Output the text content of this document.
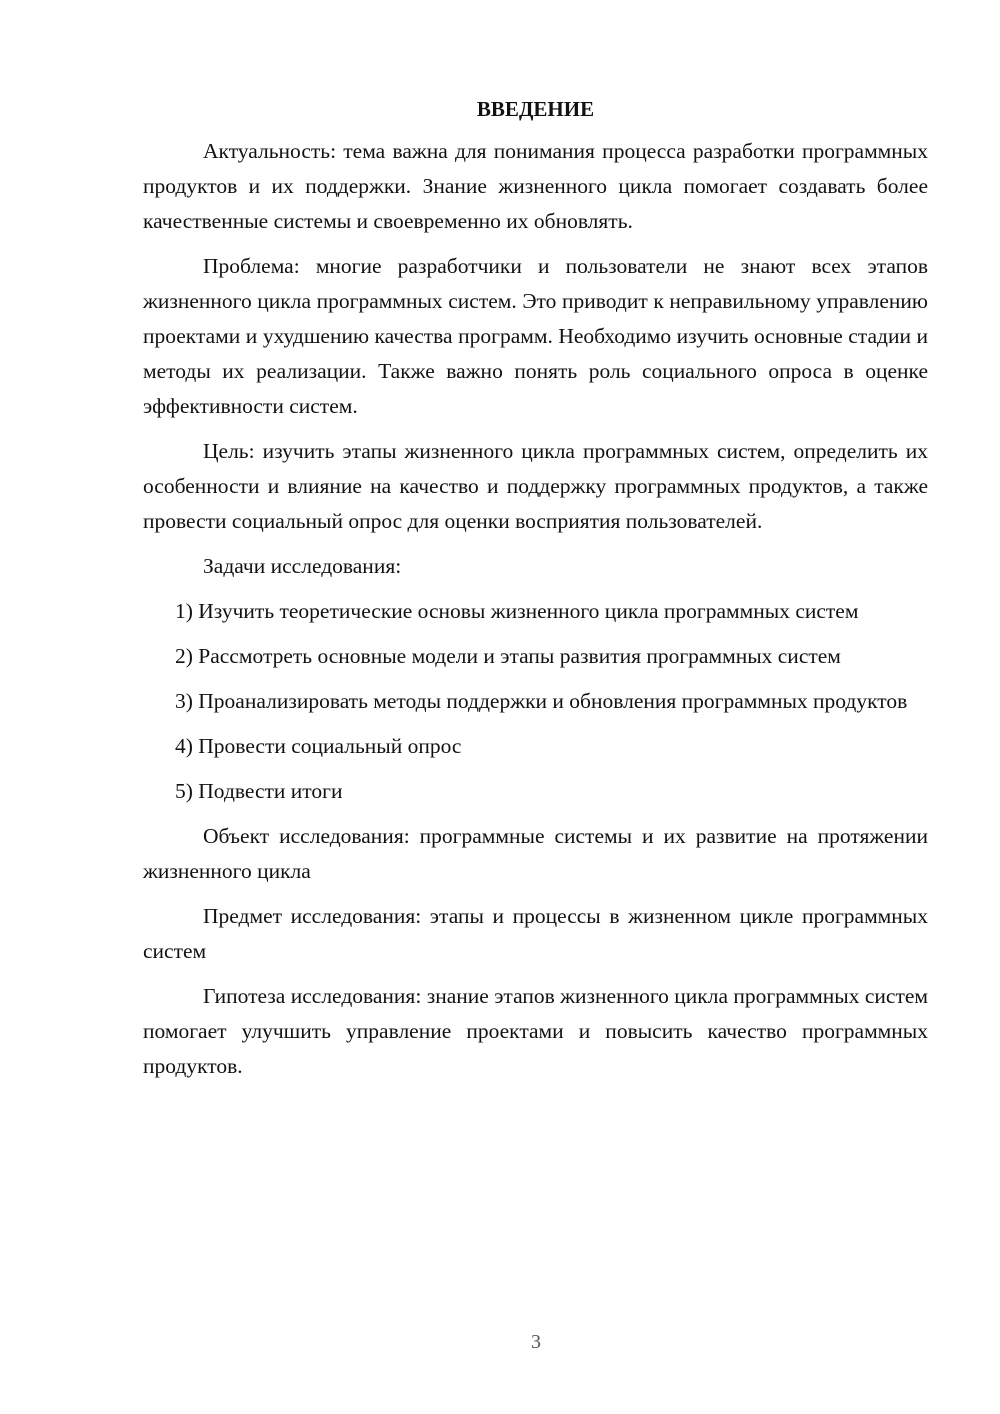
ВВЕДЕНИЕ

Актуальность: тема важна для понимания процесса разработки программных продуктов и их поддержки. Знание жизненного цикла помогает создавать более качественные системы и своевременно их обновлять.

Проблема: многие разработчики и пользователи не знают всех этапов жизненного цикла программных систем. Это приводит к неправильному управлению проектами и ухудшению качества программ. Необходимо изучить основные стадии и методы их реализации. Также важно понять роль социального опроса в оценке эффективности систем.

Цель: изучить этапы жизненного цикла программных систем, определить их особенности и влияние на качество и поддержку программных продуктов, а также провести социальный опрос для оценки восприятия пользователей.

Задачи исследования:

1) Изучить теоретические основы жизненного цикла программных систем

2) Рассмотреть основные модели и этапы развития программных систем

3) Проанализировать методы поддержки и обновления программных продуктов

4) Провести социальный опрос

5) Подвести итоги

Объект исследования: программные системы и их развитие на протяжении жизненного цикла

Предмет исследования: этапы и процессы в жизненном цикле программных систем

Гипотеза исследования: знание этапов жизненного цикла программных систем помогает улучшить управление проектами и повысить качество программных продуктов.

3
